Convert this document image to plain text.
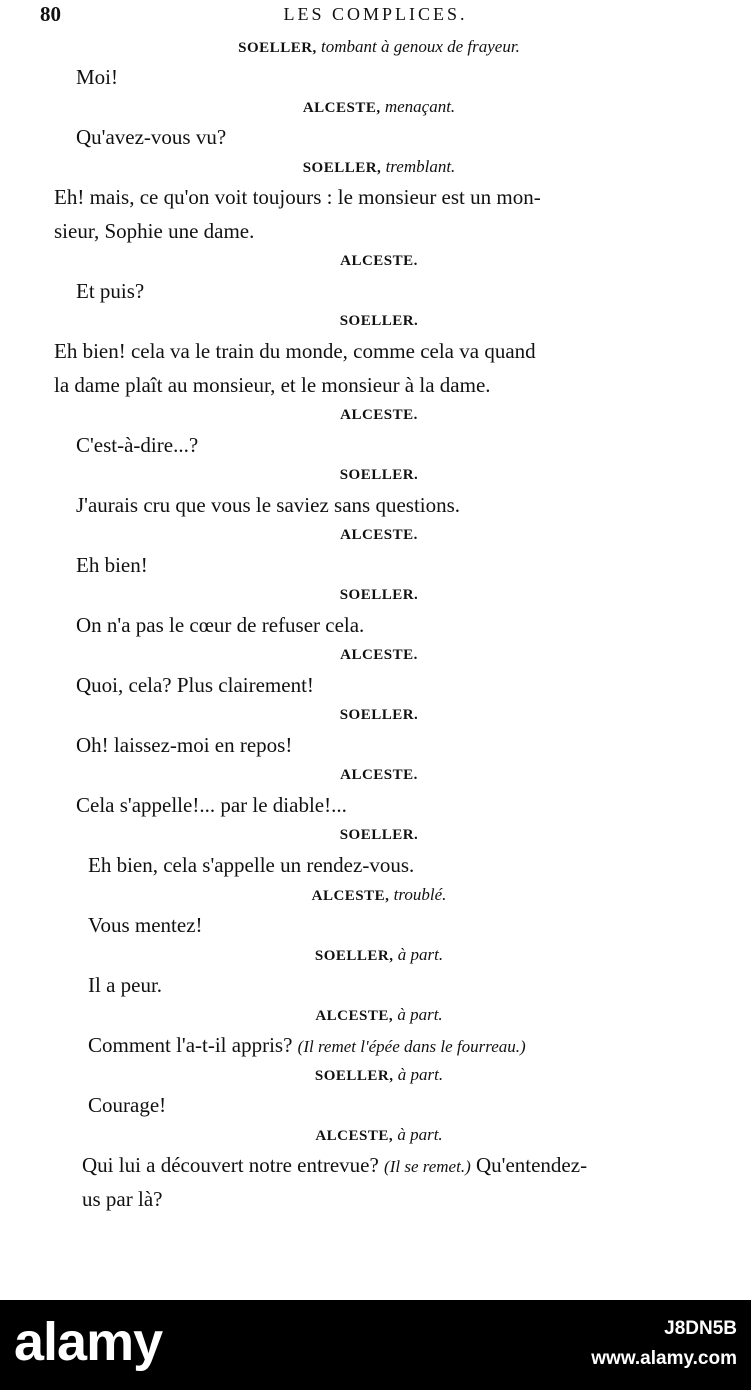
80	LES COMPLICES.
SOELLER, tombant à genoux de frayeur.
Moi!
ALCESTE, menaçant.
Qu'avez-vous vu?
SOELLER, tremblant.
Eh! mais, ce qu'on voit toujours : le monsieur est un mon-
sieur, Sophie une dame.
ALCESTE.
Et puis?
SOELLER.
Eh bien! cela va le train du monde, comme cela va quand
la dame plaît au monsieur, et le monsieur à la dame.
ALCESTE.
C'est-à-dire...?
SOELLER.
J'aurais cru que vous le saviez sans questions.
ALCESTE.
Eh bien!
SOELLER.
On n'a pas le cœur de refuser cela.
ALCESTE.
Quoi, cela? Plus clairement!
SOELLER.
Oh! laissez-moi en repos!
ALCESTE.
Cela s'appelle!... par le diable!...
SOELLER.
Eh bien, cela s'appelle un rendez-vous.
ALCESTE, troublé.
Vous mentez!
SOELLER, à part.
Il a peur.
ALCESTE, à part.
Comment l'a-t-il appris? (Il remet l'épée dans le fourreau.)
SOELLER, à part.
Courage!
ALCESTE, à part.
Qui lui a découvert notre entrevue? (Il se remet.) Qu'entendez-
us par là?
alamy	J8DN5B
www.alamy.com
